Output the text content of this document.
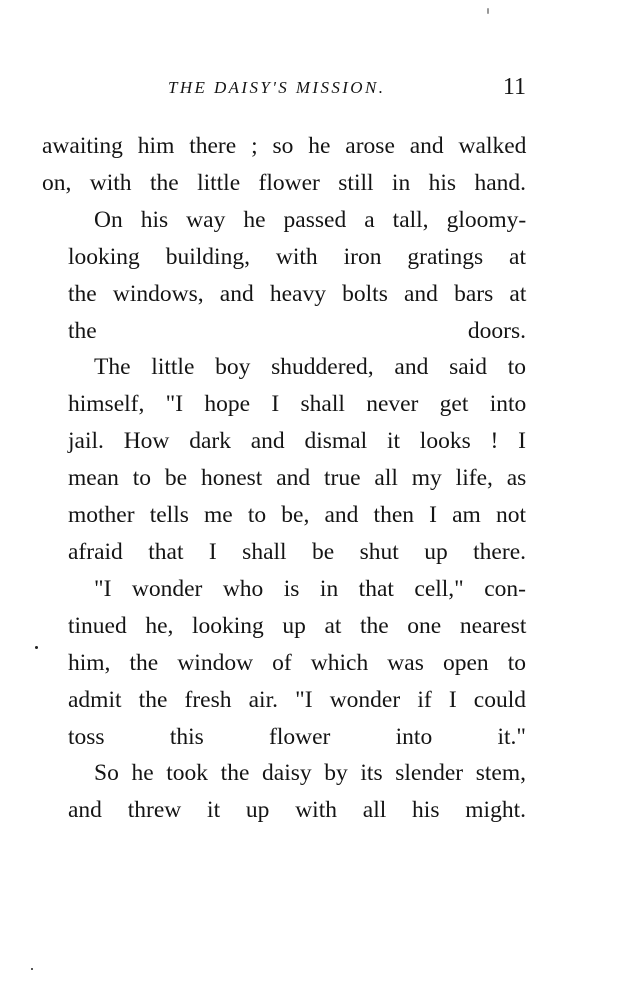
THE DAISY'S MISSION.	11

awaiting him there ; so he arose and walked
on, with the little flower still in his hand.

On his way he passed a tall, gloomy-
looking building, with iron gratings at
the windows, and heavy bolts and bars at
the doors.

The little boy shuddered, and said to
himself, "I hope I shall never get into
jail. How dark and dismal it looks ! I
mean to be honest and true all my life, as
mother tells me to be, and then I am not
afraid that I shall be shut up there.

"I wonder who is in that cell," con-
tinued he, looking up at the one nearest
him, the window of which was open to
admit the fresh air. "I wonder if I could
toss this flower into it."

So he took the daisy by its slender stem,
and threw it up with all his might.
